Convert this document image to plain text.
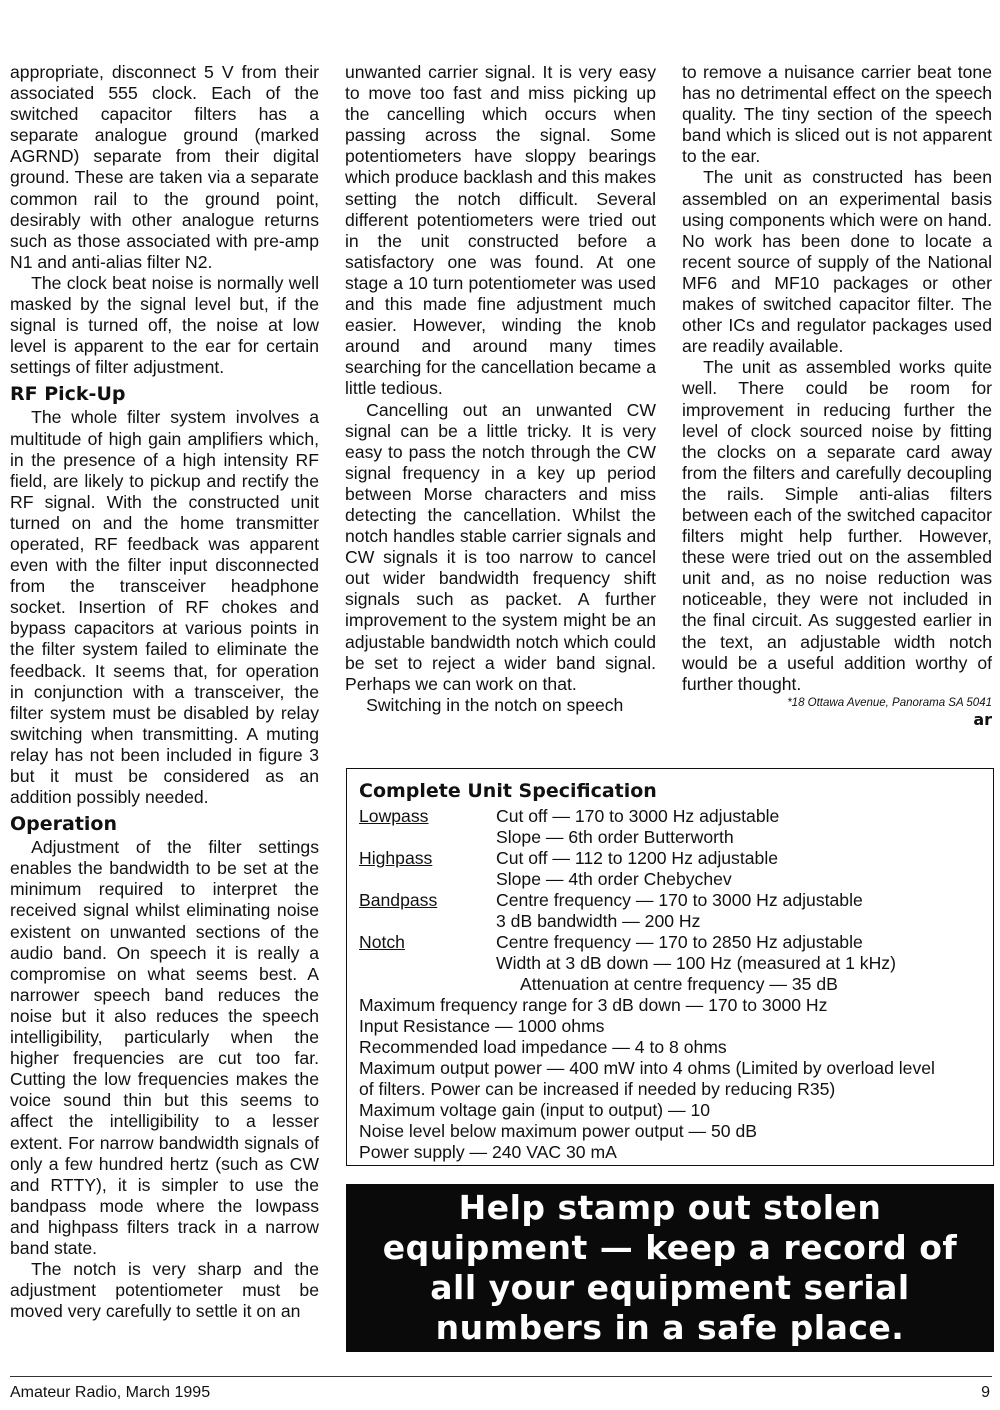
appropriate, disconnect 5 V from their associated 555 clock. Each of the switched capacitor filters has a separate analogue ground (marked AGRND) separate from their digital ground. These are taken via a separate common rail to the ground point, desirably with other analogue returns such as those associated with pre-amp N1 and anti-alias filter N2.

The clock beat noise is normally well masked by the signal level but, if the signal is turned off, the noise at low level is apparent to the ear for certain settings of filter adjustment.

RF Pick-Up

The whole filter system involves a multitude of high gain amplifiers which, in the presence of a high intensity RF field, are likely to pickup and rectify the RF signal. With the constructed unit turned on and the home transmitter operated, RF feedback was apparent even with the filter input disconnected from the transceiver headphone socket. Insertion of RF chokes and bypass capacitors at various points in the filter system failed to eliminate the feedback. It seems that, for operation in conjunction with a transceiver, the filter system must be disabled by relay switching when transmitting. A muting relay has not been included in figure 3 but it must be considered as an addition possibly needed.

Operation

Adjustment of the filter settings enables the bandwidth to be set at the minimum required to interpret the received signal whilst eliminating noise existent on unwanted sections of the audio band. On speech it is really a compromise on what seems best. A narrower speech band reduces the noise but it also reduces the speech intelligibility, particularly when the higher frequencies are cut too far. Cutting the low frequencies makes the voice sound thin but this seems to affect the intelligibility to a lesser extent. For narrow bandwidth signals of only a few hundred hertz (such as CW and RTTY), it is simpler to use the bandpass mode where the lowpass and highpass filters track in a narrow band state.

The notch is very sharp and the adjustment potentiometer must be moved very carefully to settle it on an

unwanted carrier signal. It is very easy to move too fast and miss picking up the cancelling which occurs when passing across the signal. Some potentiometers have sloppy bearings which produce backlash and this makes setting the notch difficult. Several different potentiometers were tried out in the unit constructed before a satisfactory one was found. At one stage a 10 turn potentiometer was used and this made fine adjustment much easier. However, winding the knob around and around many times searching for the cancellation became a little tedious.

Cancelling out an unwanted CW signal can be a little tricky. It is very easy to pass the notch through the CW signal frequency in a key up period between Morse characters and miss detecting the cancellation. Whilst the notch handles stable carrier signals and CW signals it is too narrow to cancel out wider bandwidth frequency shift signals such as packet. A further improvement to the system might be an adjustable bandwidth notch which could be set to reject a wider band signal. Perhaps we can work on that.

Switching in the notch on speech

to remove a nuisance carrier beat tone has no detrimental effect on the speech quality. The tiny section of the speech band which is sliced out is not apparent to the ear.

The unit as constructed has been assembled on an experimental basis using components which were on hand. No work has been done to locate a recent source of supply of the National MF6 and MF10 packages or other makes of switched capacitor filter. The other ICs and regulator packages used are readily available.

The unit as assembled works quite well. There could be room for improvement in reducing further the level of clock sourced noise by fitting the clocks on a separate card away from the filters and carefully decoupling the rails. Simple anti-alias filters between each of the switched capacitor filters might help further. However, these were tried out on the assembled unit and, as no noise reduction was noticeable, they were not included in the final circuit. As suggested earlier in the text, an adjustable width notch would be a useful addition worthy of further thought.

*18 Ottawa Avenue, Panorama SA 5041
ar
Complete Unit Specification
Lowpass	Cut off — 170 to 3000 Hz adjustable
Slope — 6th order Butterworth
Highpass	Cut off — 112 to 1200 Hz adjustable
Slope — 4th order Chebychev
Bandpass	Centre frequency — 170 to 3000 Hz adjustable
3 dB bandwidth — 200 Hz
Notch	Centre frequency — 170 to 2850 Hz adjustable
Width at 3 dB down — 100 Hz (measured at 1 kHz)
Attenuation at centre frequency — 35 dB
Maximum frequency range for 3 dB down — 170 to 3000 Hz
Input Resistance — 1000 ohms
Recommended load impedance — 4 to 8 ohms
Maximum output power — 400 mW into 4 ohms (Limited by overload level
of filters. Power can be increased if needed by reducing R35)
Maximum voltage gain (input to output) — 10
Noise level below maximum power output — 50 dB
Power supply — 240 VAC 30 mA
Help stamp out stolen
equipment — keep a record of
all your equipment serial
numbers in a safe place.
Amateur Radio, March 1995	9
